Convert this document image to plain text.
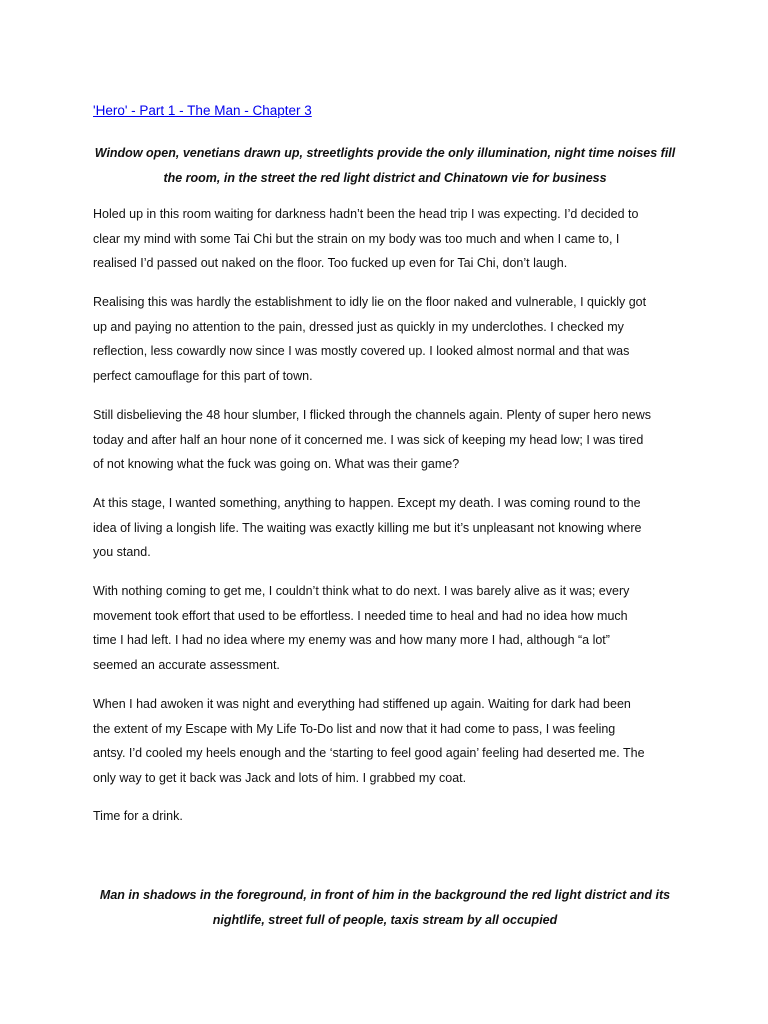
'Hero' - Part 1 - The Man - Chapter 3

Window open, venetians drawn up, streetlights provide the only illumination, night time noises fill
the room, in the street the red light district and Chinatown vie for business

Holed up in this room waiting for darkness hadn’t been the head trip I was expecting. I’d decided to
clear my mind with some Tai Chi but the strain on my body was too much and when I came to, I
realised I’d passed out naked on the floor. Too fucked up even for Tai Chi, don’t laugh.

Realising this was hardly the establishment to idly lie on the floor naked and vulnerable, I quickly got
up and paying no attention to the pain, dressed just as quickly in my underclothes. I checked my
reflection, less cowardly now since I was mostly covered up. I looked almost normal and that was
perfect camouflage for this part of town.

Still disbelieving the 48 hour slumber, I flicked through the channels again. Plenty of super hero news
today and after half an hour none of it concerned me. I was sick of keeping my head low; I was tired
of not knowing what the fuck was going on. What was their game?

At this stage, I wanted something, anything to happen. Except my death. I was coming round to the
idea of living a longish life. The waiting was exactly killing me but it’s unpleasant not knowing where
you stand.

With nothing coming to get me, I couldn’t think what to do next. I was barely alive as it was; every
movement took effort that used to be effortless. I needed time to heal and had no idea how much
time I had left. I had no idea where my enemy was and how many more I had, although “a lot”
seemed an accurate assessment.

When I had awoken it was night and everything had stiffened up again. Waiting for dark had been
the extent of my Escape with My Life To-Do list and now that it had come to pass, I was feeling
antsy. I’d cooled my heels enough and the ‘starting to feel good again’ feeling had deserted me. The
only way to get it back was Jack and lots of him. I grabbed my coat.

Time for a drink.

Man in shadows in the foreground, in front of him in the background the red light district and its
nightlife, street full of people, taxis stream by all occupied
